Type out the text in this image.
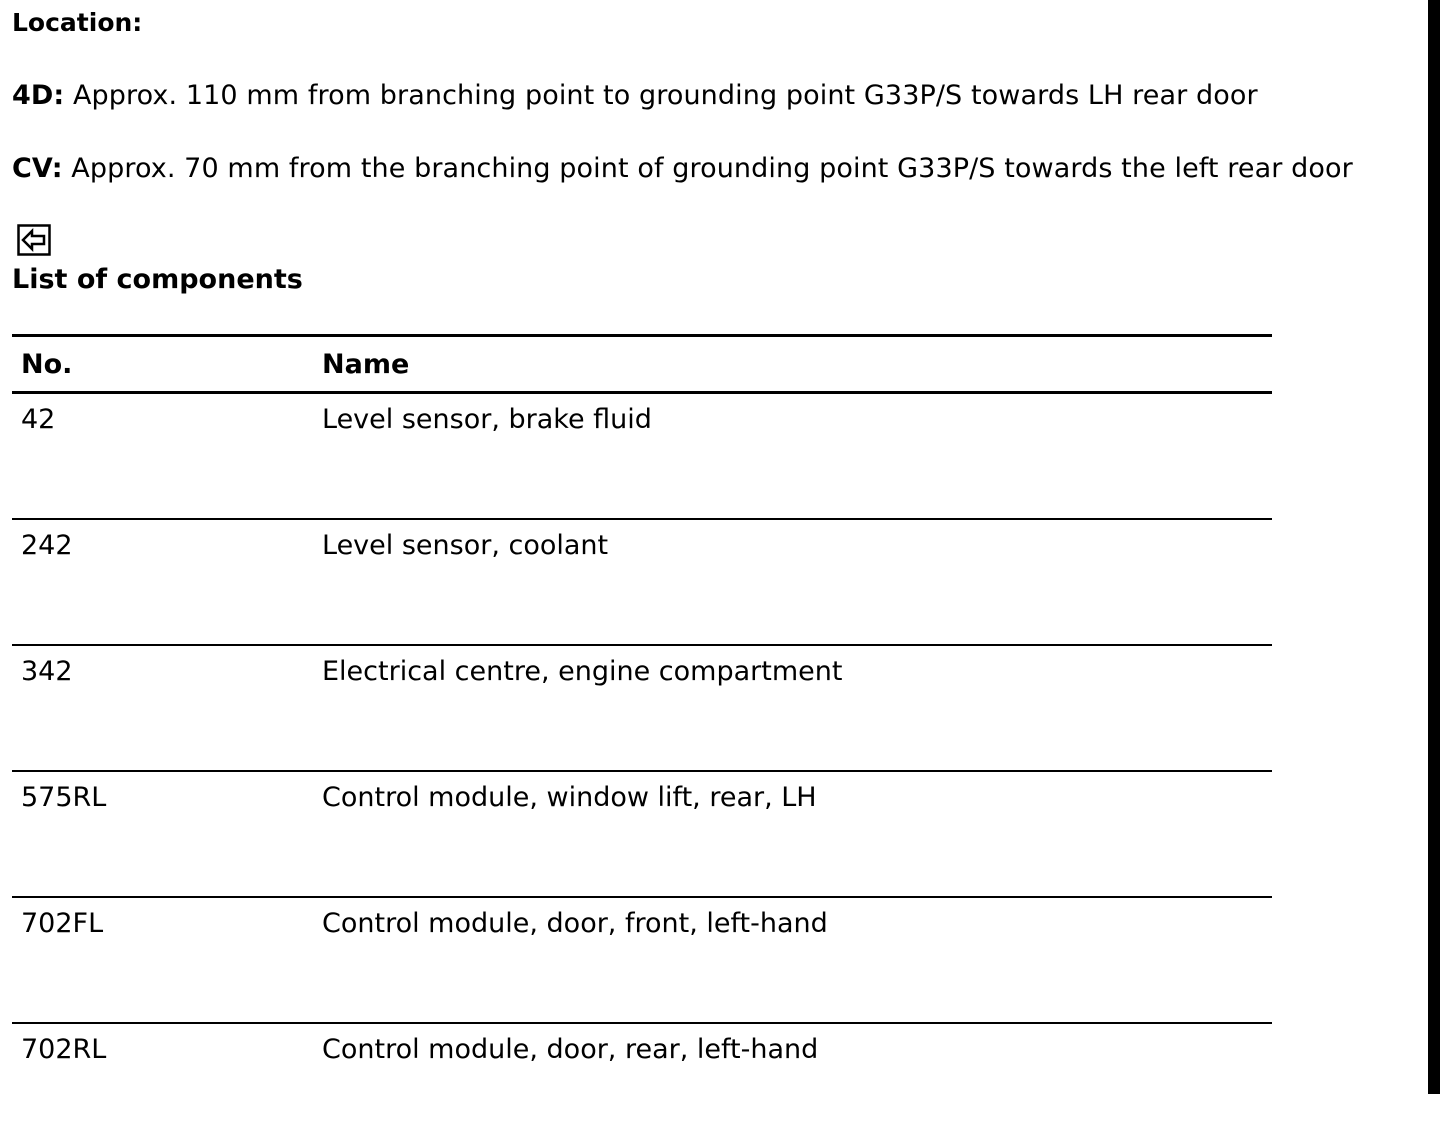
Location:
4D: Approx. 110 mm from branching point to grounding point G33P/S towards LH rear door
CV: Approx. 70 mm from the branching point of grounding point G33P/S towards the left rear door
List of components
No.	Name
42	Level sensor, brake fluid
242	Level sensor, coolant
342	Electrical centre, engine compartment
575RL	Control module, window lift, rear, LH
702FL	Control module, door, front, left-hand
702RL	Control module, door, rear, left-hand
